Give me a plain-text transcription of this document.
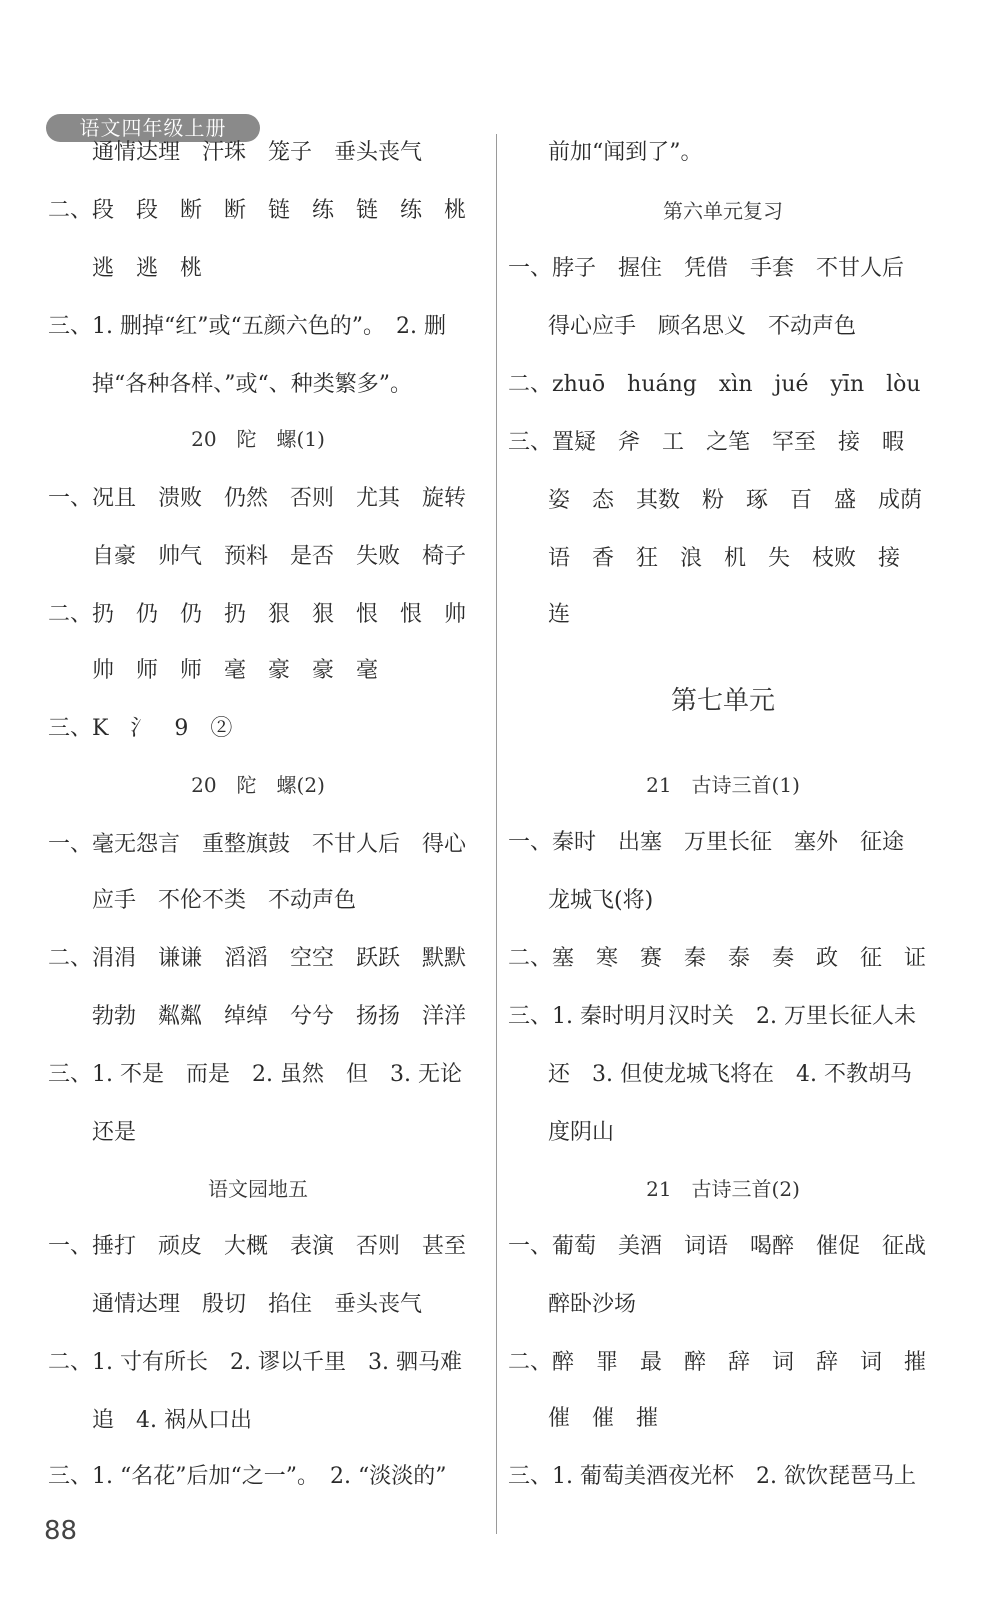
语文四年级上册
通情达理　汗珠　笼子　垂头丧气
二、段　段　断　断　链　练　链　练　桃
逃　逃　桃
三、1. 删掉“红”或“五颜六色的”。　2. 删
掉“各种各样、”或“、种类繁多”。
20　陀　螺(1)
一、况且　溃败　仍然　否则　尤其　旋转
自豪　帅气　预料　是否　失败　椅子
二、扔　仍　仍　扔　狠　狠　恨　恨　帅
帅　师　师　毫　豪　豪　毫
三、K　氵　9　②
20　陀　螺(2)
一、毫无怨言　重整旗鼓　不甘人后　得心
应手　不伦不类　不动声色
二、涓涓　谦谦　滔滔　空空　跃跃　默默
勃勃　粼粼　绰绰　兮兮　扬扬　洋洋
三、1. 不是　而是　2. 虽然　但　3. 无论
还是
语文园地五
一、捶打　顽皮　大概　表演　否则　甚至
通情达理　殷切　掐住　垂头丧气
二、1. 寸有所长　2. 谬以千里　3. 驷马难
追　4. 祸从口出
三、1. “名花”后加“之一”。　2. “淡淡的”
前加“闻到了”。
第六单元复习
一、脖子　握住　凭借　手套　不甘人后
得心应手　顾名思义　不动声色
二、zhuō　huáng　xìn　jué　yīn　lòu
三、置疑　斧　工　之笔　罕至　接　暇
姿　态　其数　粉　琢　百　盛　成荫
语　香　狂　浪　机　失　枝败　接
连
第七单元
21　古诗三首(1)
一、秦时　出塞　万里长征　塞外　征途
龙城飞(将)
二、塞　寒　赛　秦　泰　奏　政　征　证
三、1. 秦时明月汉时关　2. 万里长征人未
还　3. 但使龙城飞将在　4. 不教胡马
度阴山
21　古诗三首(2)
一、葡萄　美酒　词语　喝醉　催促　征战
醉卧沙场
二、醉　罪　最　醉　辞　词　辞　词　摧
催　催　摧
三、1. 葡萄美酒夜光杯　2. 欲饮琵琶马上
88
